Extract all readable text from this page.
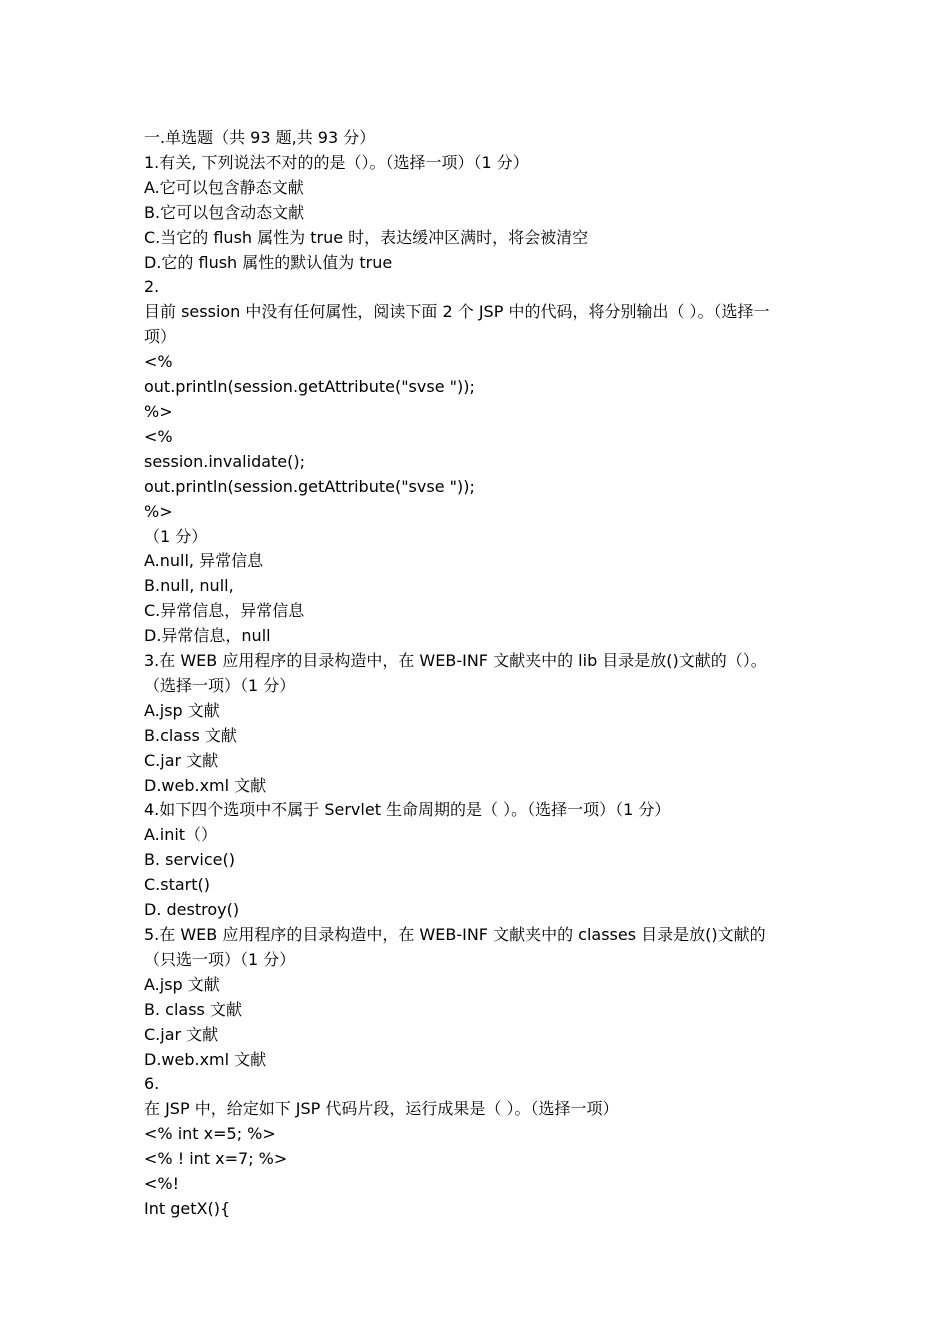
一.单选题（共 93 题,共 93 分）

1.有关, 下列说法不对的的是（）。（选择一项）（1 分）

A.它可以包含静态文献

B.它可以包含动态文献

C.当它的 flush 属性为 true 时，表达缓冲区满时，将会被清空

D.它的 flush 属性的默认值为 true

2.

目前 session 中没有任何属性，阅读下面 2 个 JSP 中的代码，将分别输出（ ）。（选择一

项）

<%

out.println(session.getAttribute("svse "));

%>

<%

session.invalidate();

out.println(session.getAttribute("svse "));

%>

（1 分）

A.null, 异常信息

B.null, null,

C.异常信息，异常信息

D.异常信息，null

3.在 WEB 应用程序的目录构造中，在 WEB-INF 文献夹中的 lib 目录是放()文献的（）。

（选择一项）（1 分）

A.jsp 文献

B.class 文献

C.jar 文献

D.web.xml 文献

4.如下四个选项中不属于 Servlet 生命周期的是（ ）。（选择一项）（1 分）

A.init（）

B. service()

C.start()

D. destroy()

5.在 WEB 应用程序的目录构造中，在 WEB-INF 文献夹中的 classes 目录是放()文献的

（只选一项）（1 分）

A.jsp 文献

B. class 文献

C.jar 文献

D.web.xml 文献

6.

在 JSP 中，给定如下 JSP 代码片段，运行成果是（ ）。（选择一项）

<% int x=5; %>

<% ! int x=7; %>

<%!

Int getX(){
